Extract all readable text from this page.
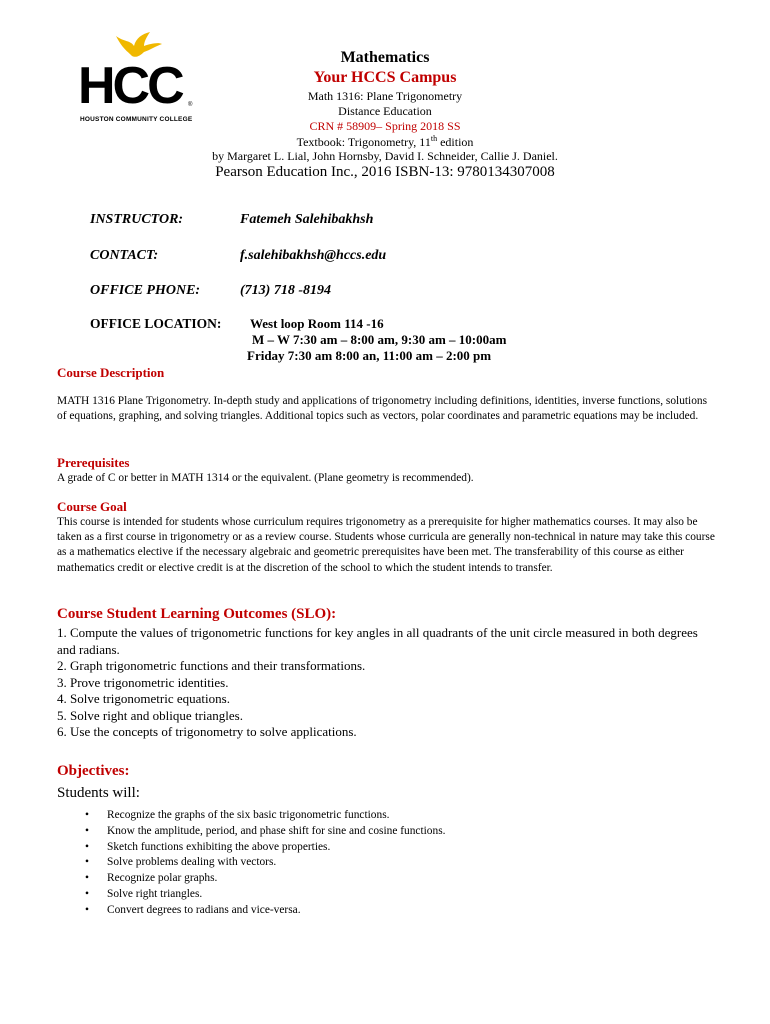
HCC ®
HOUSTON COMMUNITY COLLEGE
Mathematics
Your HCCS Campus
Math 1316: Plane Trigonometry
Distance Education
CRN # 58909– Spring 2018 SS
Textbook: Trigonometry, 11th edition
by Margaret L. Lial, John Hornsby, David I. Schneider, Callie J. Daniel.
Pearson Education Inc., 2016 ISBN-13: 9780134307008
INSTRUCTOR:	Fatemeh Salehibakhsh
CONTACT:	f.salehibakhsh@hccs.edu
OFFICE PHONE:	(713) 718 -8194
OFFICE LOCATION: West loop Room 114 -16
M – W 7:30 am – 8:00 am, 9:30 am – 10:00am
Friday 7:30 am 8:00 an, 11:00 am – 2:00 pm
Course Description
MATH 1316 Plane Trigonometry. In-depth study and applications of trigonometry including definitions, identities, inverse functions, solutions of equations, graphing, and solving triangles. Additional topics such as vectors, polar coordinates and parametric equations may be included.
Prerequisites
A grade of C or better in MATH 1314 or the equivalent. (Plane geometry is recommended).
Course Goal
This course is intended for students whose curriculum requires trigonometry as a prerequisite for higher mathematics courses. It may also be taken as a first course in trigonometry or as a review course. Students whose curricula are generally non-technical in nature may take this course as a mathematics elective if the necessary algebraic and geometric prerequisites have been met. The transferability of this course as either mathematics credit or elective credit is at the discretion of the school to which the student intends to transfer.
Course Student Learning Outcomes (SLO):
1. Compute the values of trigonometric functions for key angles in all quadrants of the unit circle measured in both degrees and radians.
2. Graph trigonometric functions and their transformations.
3. Prove trigonometric identities.
4. Solve trigonometric equations.
5. Solve right and oblique triangles.
6. Use the concepts of trigonometry to solve applications.
Objectives:
Students will:
• Recognize the graphs of the six basic trigonometric functions.
• Know the amplitude, period, and phase shift for sine and cosine functions.
• Sketch functions exhibiting the above properties.
• Solve problems dealing with vectors.
• Recognize polar graphs.
• Solve right triangles.
• Convert degrees to radians and vice-versa.
